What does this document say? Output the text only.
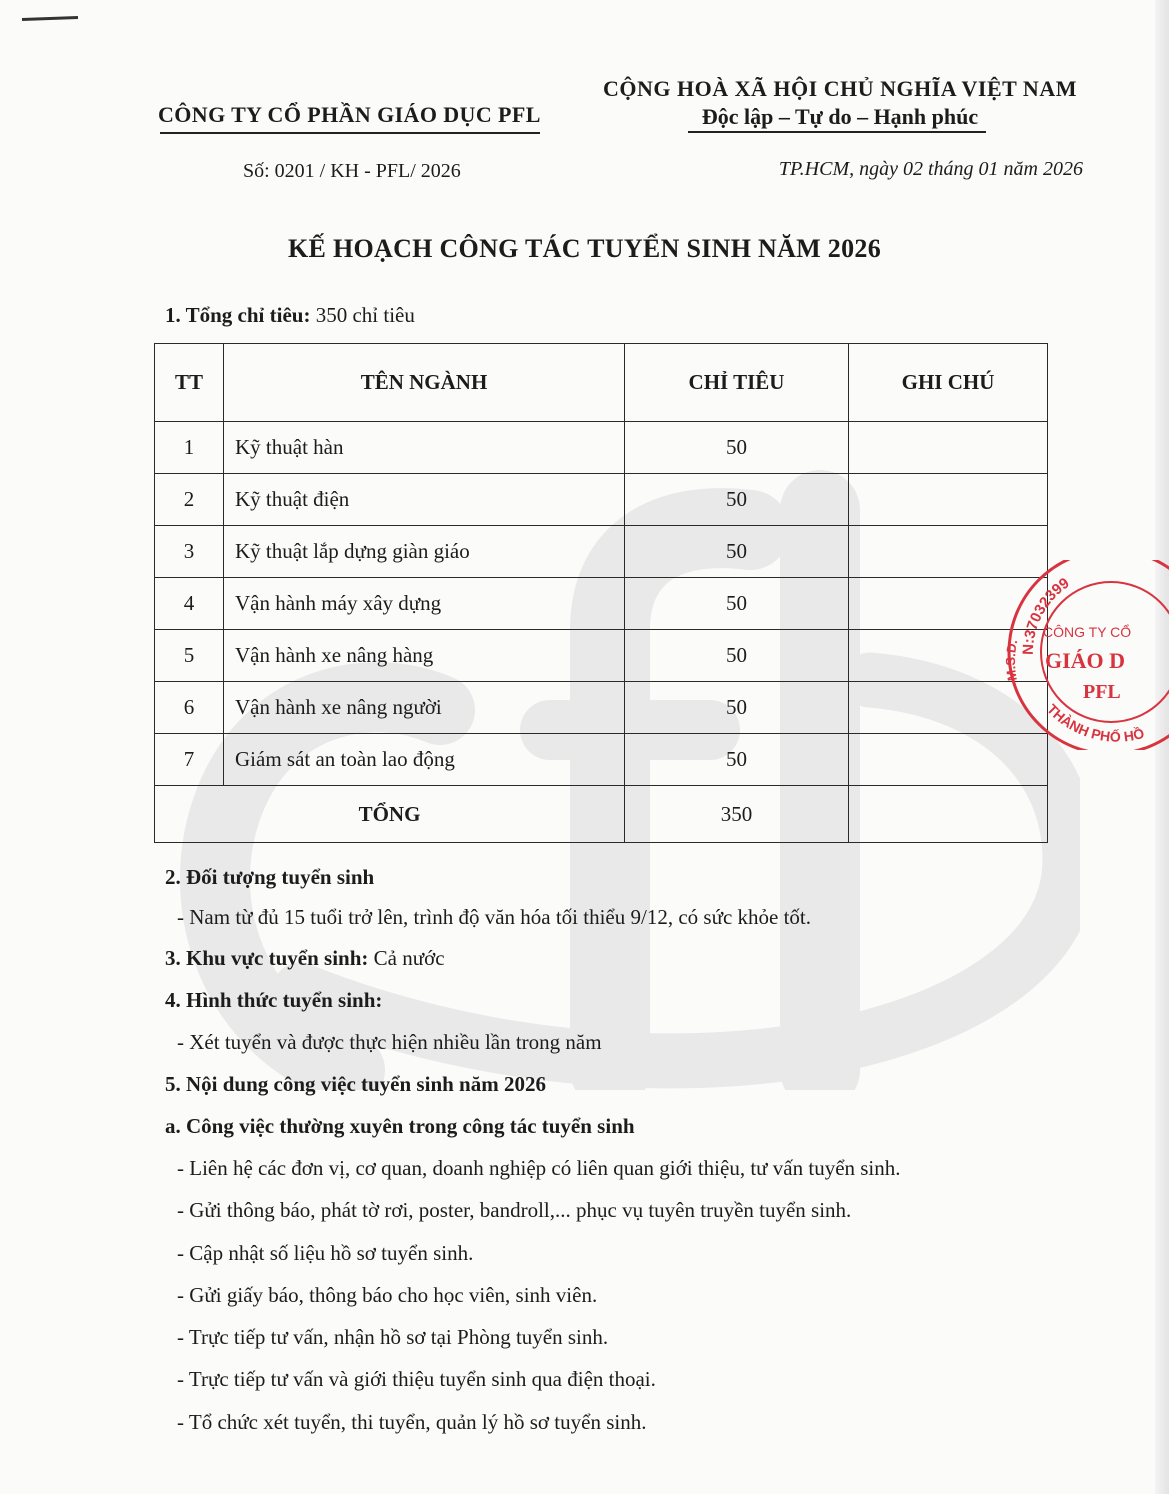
CÔNG TY CỔ PHẦN GIÁO DỤC PFL
CỘNG HOÀ XÃ HỘI CHỦ NGHĨA VIỆT NAM
Độc lập – Tự do – Hạnh phúc
Số: 0201 / KH - PFL/ 2026	TP.HCM, ngày 02 tháng 01 năm 2026
KẾ HOẠCH CÔNG TÁC TUYỂN SINH NĂM 2026
1. Tổng chỉ tiêu: 350 chỉ tiêu
TT	TÊN NGÀNH	CHỈ TIÊU	GHI CHÚ
1	Kỹ thuật hàn	50	
2	Kỹ thuật điện	50	
3	Kỹ thuật lắp dựng giàn giáo	50	
4	Vận hành máy xây dựng	50	
5	Vận hành xe nâng hàng	50	
6	Vận hành xe nâng người	50	
7	Giám sát an toàn lao động	50	
TỔNG		350	
2. Đối tượng tuyển sinh
- Nam từ đủ 15 tuổi trở lên, trình độ văn hóa tối thiểu 9/12, có sức khỏe tốt.
3. Khu vực tuyển sinh: Cả nước
4. Hình thức tuyển sinh:
- Xét tuyển và được thực hiện nhiều lần trong năm
5. Nội dung công việc tuyển sinh năm 2026
a. Công việc thường xuyên trong công tác tuyển sinh
- Liên hệ các đơn vị, cơ quan, doanh nghiệp có liên quan giới thiệu, tư vấn tuyển sinh.
- Gửi thông báo, phát tờ rơi, poster, bandroll,... phục vụ tuyên truyền tuyển sinh.
- Cập nhật số liệu hồ sơ tuyển sinh.
- Gửi giấy báo, thông báo cho học viên, sinh viên.
- Trực tiếp tư vấn, nhận hồ sơ tại Phòng tuyển sinh.
- Trực tiếp tư vấn và giới thiệu tuyển sinh qua điện thoại.
- Tổ chức xét tuyển, thi tuyển, quản lý hồ sơ tuyển sinh.
N:37032399
M.S.D.
THÀNH PHỐ HỒ
CÔNG TY CỔ
GIÁO D
PFL
